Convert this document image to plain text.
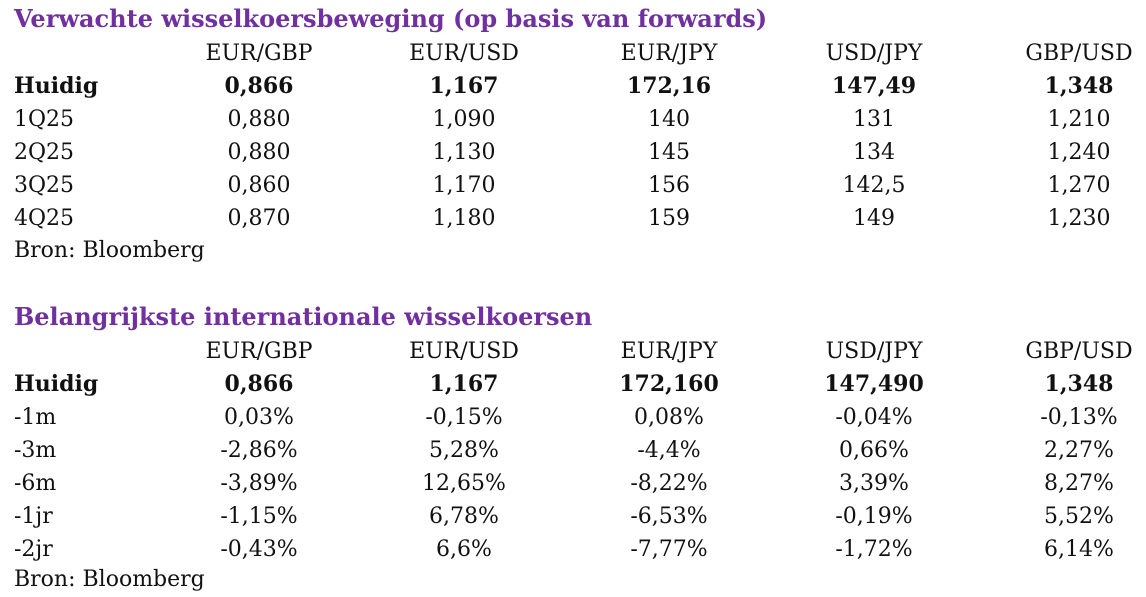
Verwachte wisselkoersbeweging (op basis van forwards)
EUR/GBP	EUR/USD	EUR/JPY	USD/JPY	GBP/USD
Huidig	0,866	1,167	172,16	147,49	1,348
1Q25	0,880	1,090	140	131	1,210
2Q25	0,880	1,130	145	134	1,240
3Q25	0,860	1,170	156	142,5	1,270
4Q25	0,870	1,180	159	149	1,230
Bron: Bloomberg
Belangrijkste internationale wisselkoersen
EUR/GBP	EUR/USD	EUR/JPY	USD/JPY	GBP/USD
Huidig	0,866	1,167	172,160	147,490	1,348
-1m	0,03%	-0,15%	0,08%	-0,04%	-0,13%
-3m	-2,86%	5,28%	-4,4%	0,66%	2,27%
-6m	-3,89%	12,65%	-8,22%	3,39%	8,27%
-1jr	-1,15%	6,78%	-6,53%	-0,19%	5,52%
-2jr	-0,43%	6,6%	-7,77%	-1,72%	6,14%
Bron: Bloomberg
